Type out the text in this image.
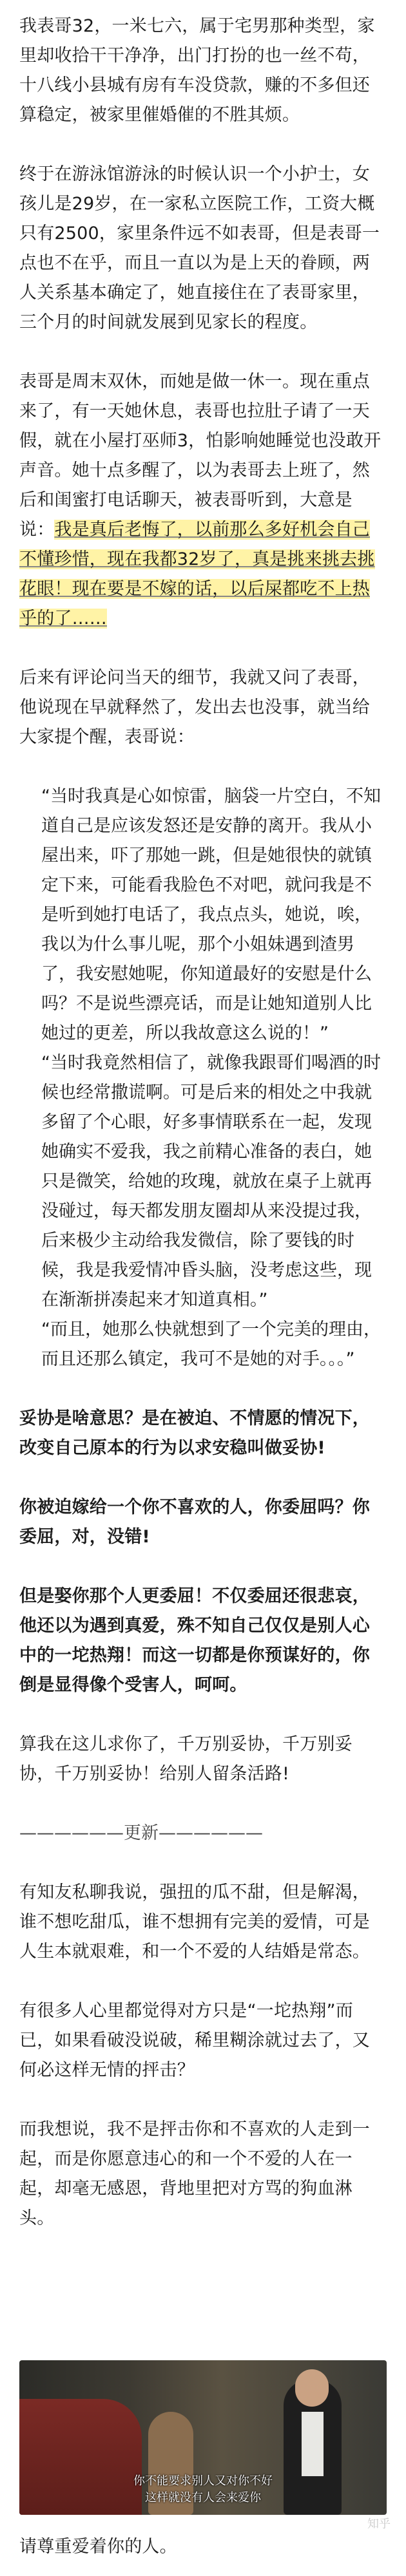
我表哥32，一米七六，属于宅男那种类型，家里却收拾干干净净，出门打扮的也一丝不苟，十八线小县城有房有车没贷款，赚的不多但还算稳定，被家里催婚催的不胜其烦。

终于在游泳馆游泳的时候认识一个小护士，女孩儿是29岁，在一家私立医院工作，工资大概只有2500，家里条件远不如表哥，但是表哥一点也不在乎，而且一直以为是上天的眷顾，两人关系基本确定了，她直接住在了表哥家里，三个月的时间就发展到见家长的程度。

表哥是周末双休，而她是做一休一。现在重点来了，有一天她休息，表哥也拉肚子请了一天假，就在小屋打巫师3，怕影响她睡觉也没敢开声音。她十点多醒了，以为表哥去上班了，然后和闺蜜打电话聊天，被表哥听到，大意是说：

我是真后老悔了，以前那么多好机会自己不懂珍惜，现在我都32岁了，真是挑来挑去挑花眼！现在要是不嫁的话，以后屎都吃不上热乎的了……

后来有评论问当天的细节，我就又问了表哥，他说现在早就释然了，发出去也没事，就当给大家提个醒，表哥说：

“当时我真是心如惊雷，脑袋一片空白，不知道自己是应该发怒还是安静的离开。我从小屋出来，吓了那她一跳，但是她很快的就镇定下来，可能看我脸色不对吧，就问我是不是听到她打电话了，我点点头，她说，唉，我以为什么事儿呢，那个小姐妹遇到渣男了，我安慰她呢，你知道最好的安慰是什么吗？不是说些漂亮话，而是让她知道别人比她过的更差，所以我故意这么说的！”

“当时我竟然相信了，就像我跟哥们喝酒的时候也经常撒谎啊。可是后来的相处之中我就多留了个心眼，好多事情联系在一起，发现她确实不爱我，我之前精心准备的表白，她只是微笑，给她的玫瑰，就放在桌子上就再没碰过，每天都发朋友圈却从来没提过我，后来极少主动给我发微信，除了要钱的时候，我是我爱情冲昏头脑，没考虑这些，现在渐渐拼凑起来才知道真相。”

“而且，她那么快就想到了一个完美的理由，而且还那么镇定，我可不是她的对手。。。”

妥协是啥意思？是在被迫、不情愿的情况下，改变自己原本的行为以求安稳叫做妥协!

你被迫嫁给一个你不喜欢的人，你委屈吗？你委屈，对，没错!

但是娶你那个人更委屈！不仅委屈还很悲哀，他还以为遇到真爱，殊不知自己仅仅是别人心中的一坨热翔！而这一切都是你预谋好的，你倒是显得像个受害人，呵呵。

算我在这儿求你了，千万别妥协，千万别妥协，千万别妥协！给别人留条活路!

——————更新——————

有知友私聊我说，强扭的瓜不甜，但是解渴，谁不想吃甜瓜，谁不想拥有完美的爱情，可是人生本就艰难，和一个不爱的人结婚是常态。

有很多人心里都觉得对方只是“一坨热翔”而已，如果看破没说破，稀里糊涂就过去了，又何必这样无情的抨击？

而我想说，我不是抨击你和不喜欢的人走到一起，而是你愿意违心的和一个不爱的人在一起，却毫无感恩，背地里把对方骂的狗血淋头。

你不能要求别人又对你不好
这样就没有人会来爱你
知乎

请尊重爱着你的人。
